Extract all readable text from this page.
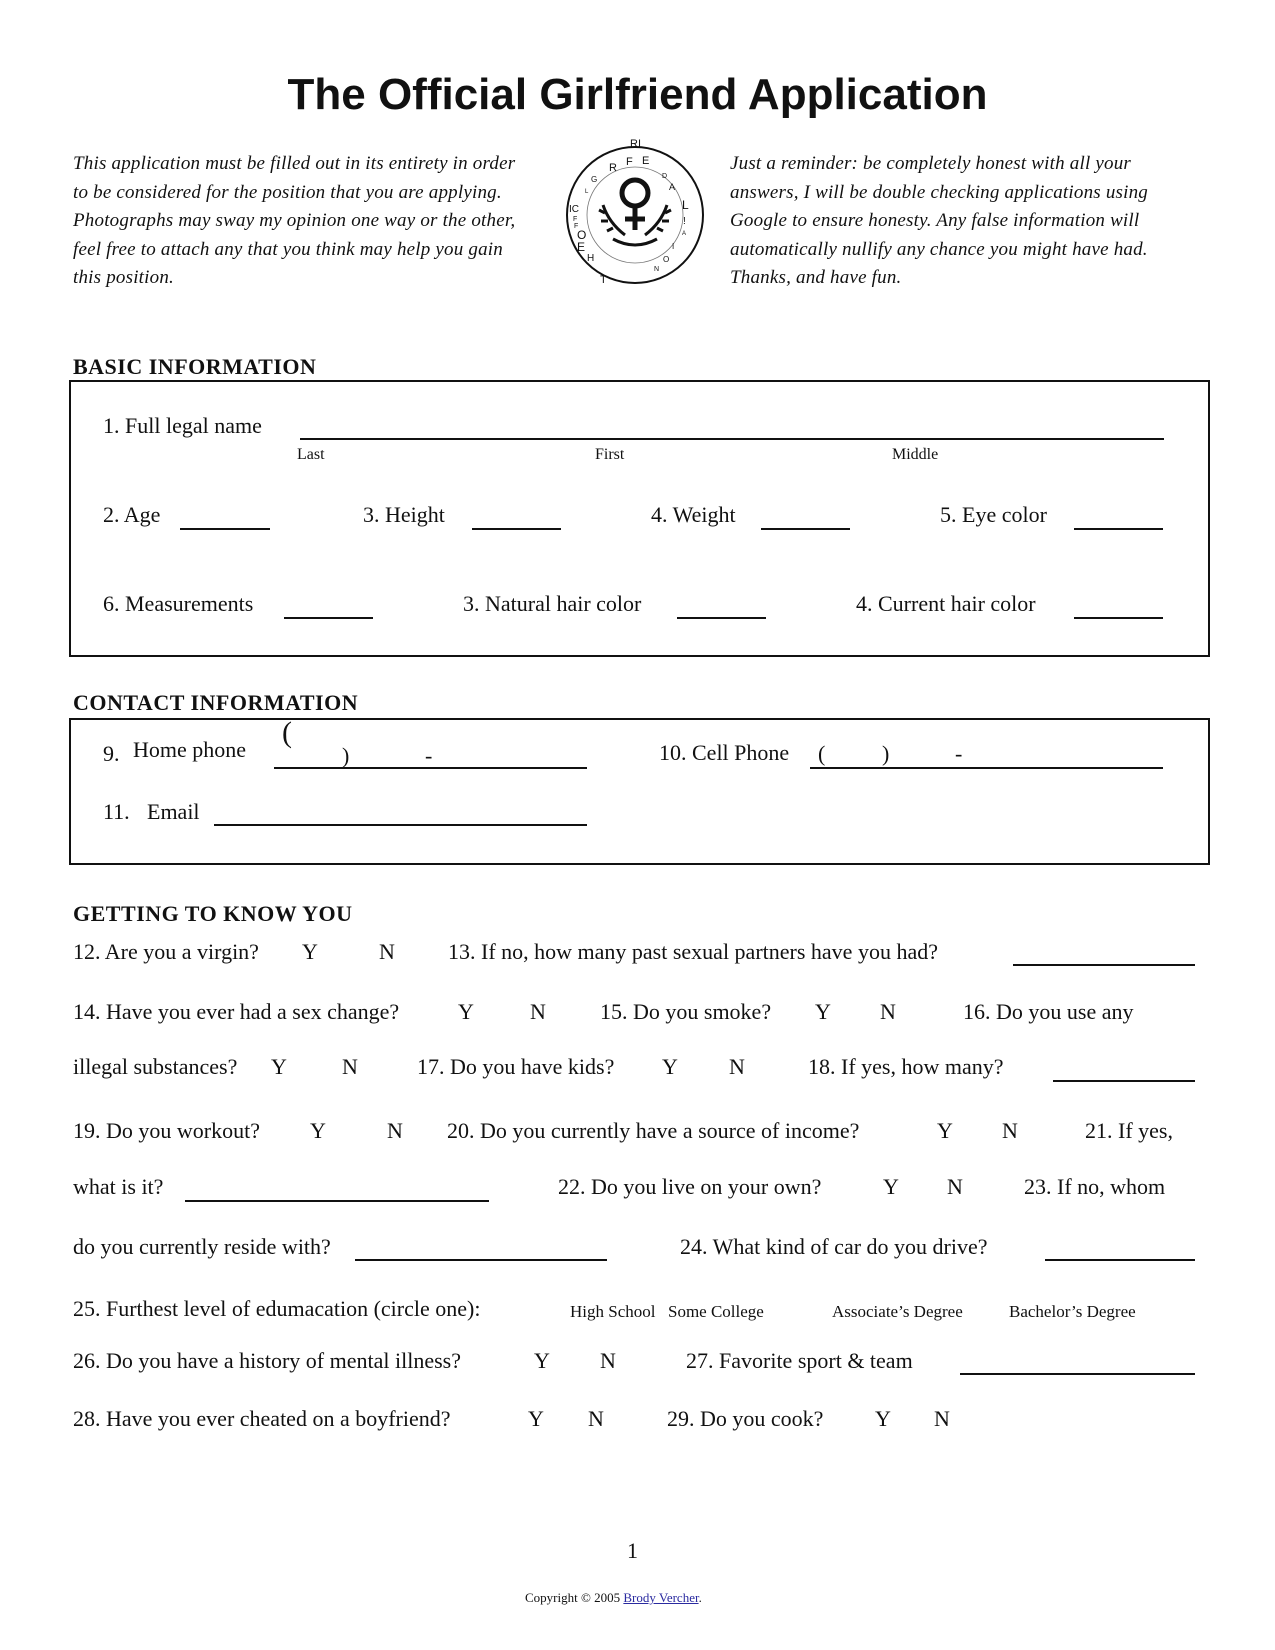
The Official Girlfriend Application
This application must be filled out in its entirety in order to be considered for the position that you are applying. Photographs may sway my opinion one way or the other, feel free to attach any that you think may help you gain this position.
Just a reminder: be completely honest with all your answers, I will be double checking applications using Google to ensure honesty. Any false information will automatically nullify any chance you might have had. Thanks, and have fun.
RI
R F E
G
L
D
A
IC	L
!
F
F
A
O
E	I
H	O
N
T
BASIC INFORMATION
1. Full legal name
Last	First	Middle
2. Age	3. Height	4. Weight	5. Eye color
6. Measurements	3. Natural hair color	4. Current hair color
CONTACT INFORMATION
9. Home phone
(
)	-	10. Cell Phone (	)	-
11. Email
GETTING TO KNOW YOU
12. Are you a virgin? Y	N 13. If no, how many past sexual partners have you had?
14. Have you ever had a sex change?	Y	N 15. Do you smoke? Y N	16. Do you use any
illegal substances? Y	N	17. Do you have kids? Y N	18. If yes, how many?
19. Do you workout? Y	N 20. Do you currently have a source of income?	Y N	21. If yes,
what is it?	22. Do you live on your own?	Y N	23. If no, whom
do you currently reside with?	24. What kind of car do you drive?
25. Furthest level of edumacation (circle one):	High School Some College	Associate’s Degree	Bachelor’s Degree
26. Do you have a history of mental illness?	Y N	27. Favorite sport & team
28. Have you ever cheated on a boyfriend?	Y N	29. Do you cook? Y N
1
Copyright © 2005 Brody Vercher.
